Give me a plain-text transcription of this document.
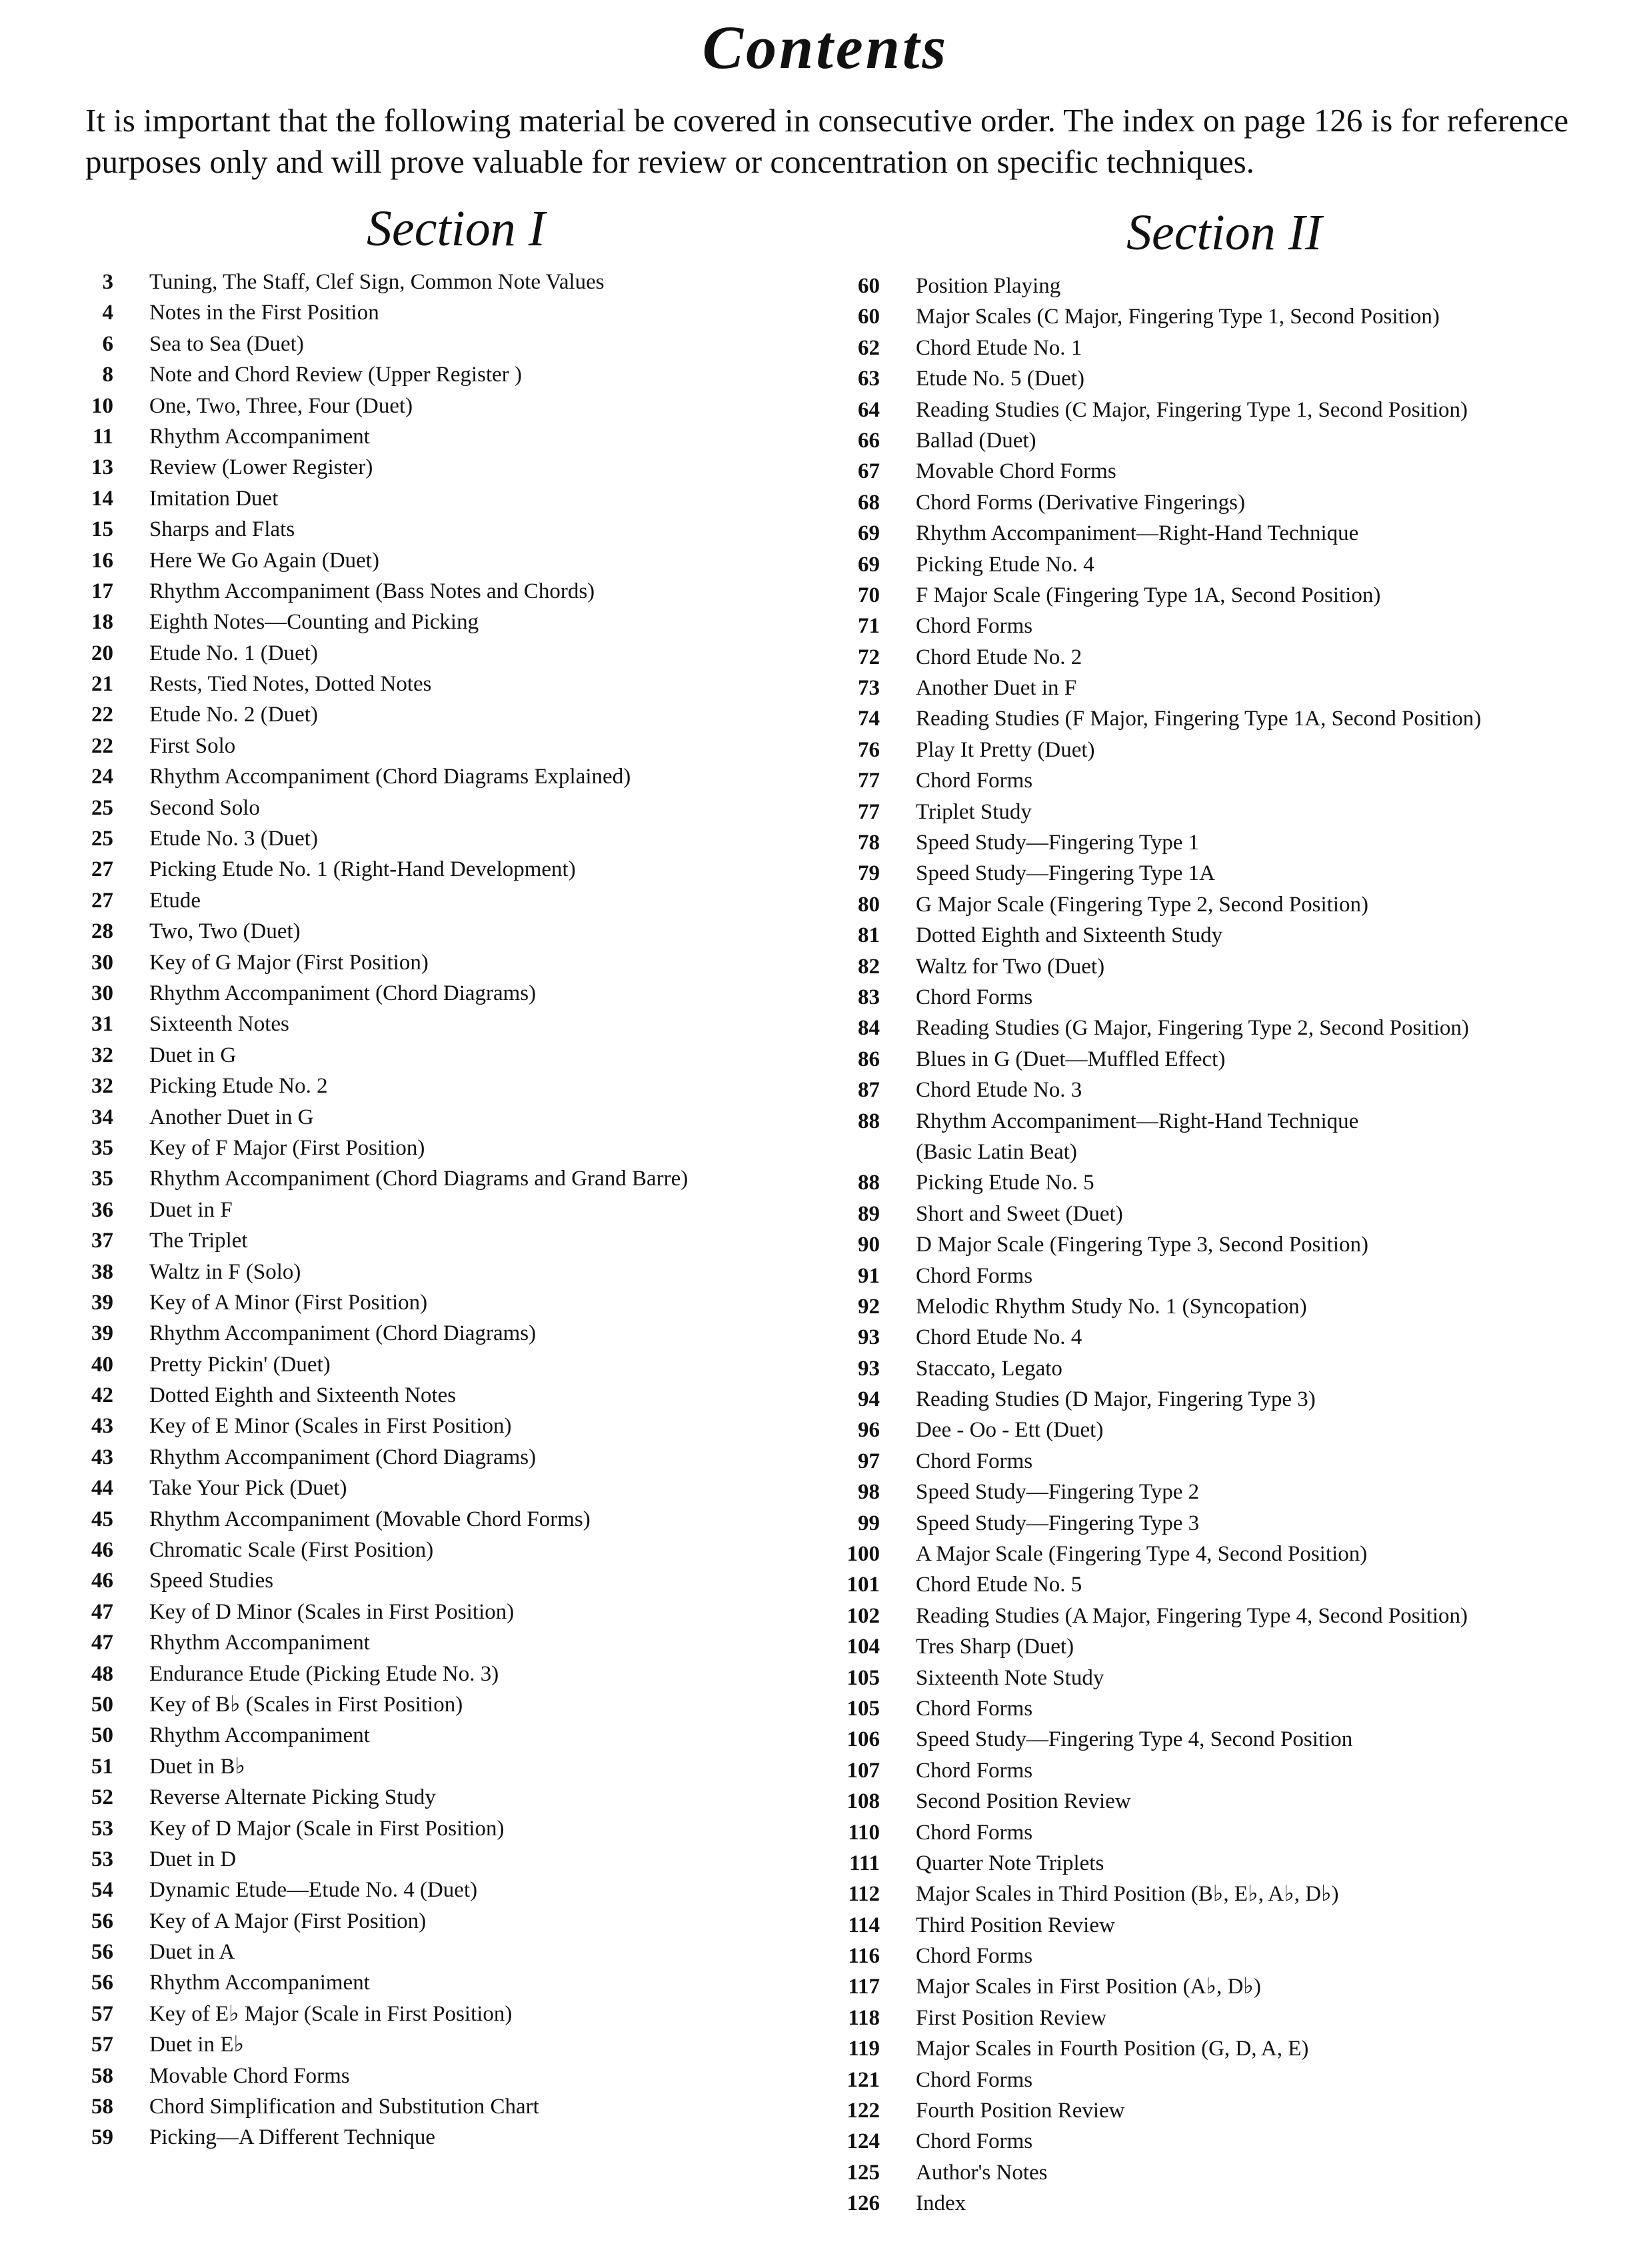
Contents

It is important that the following material be covered in consecutive order. The index on page 126 is for reference purposes only and will prove valuable for review or concentration on specific techniques.

Section I	Section II
3 Tuning, The Staff, Clef Sign, Common Note Values
4 Notes in the First Position
6 Sea to Sea (Duet)
8 Note and Chord Review (Upper Register )
10 One, Two, Three, Four (Duet)
11 Rhythm Accompaniment
13 Review (Lower Register)
14 Imitation Duet
15 Sharps and Flats
16 Here We Go Again (Duet)
17 Rhythm Accompaniment (Bass Notes and Chords)
18 Eighth Notes—Counting and Picking
20 Etude No. 1 (Duet)
21 Rests, Tied Notes, Dotted Notes
22 Etude No. 2 (Duet)
22 First Solo
24 Rhythm Accompaniment (Chord Diagrams Explained)
25 Second Solo
25 Etude No. 3 (Duet)
27 Picking Etude No. 1 (Right-Hand Development)
27 Etude
28 Two, Two (Duet)
30 Key of G Major (First Position)
30 Rhythm Accompaniment (Chord Diagrams)
31 Sixteenth Notes
32 Duet in G
32 Picking Etude No. 2
34 Another Duet in G
35 Key of F Major (First Position)
35 Rhythm Accompaniment (Chord Diagrams and Grand Barre)
36 Duet in F
37 The Triplet
38 Waltz in F (Solo)
39 Key of A Minor (First Position)
39 Rhythm Accompaniment (Chord Diagrams)
40 Pretty Pickin' (Duet)
42 Dotted Eighth and Sixteenth Notes
43 Key of E Minor (Scales in First Position)
43 Rhythm Accompaniment (Chord Diagrams)
44 Take Your Pick (Duet)
45 Rhythm Accompaniment (Movable Chord Forms)
46 Chromatic Scale (First Position)
46 Speed Studies
47 Key of D Minor (Scales in First Position)
47 Rhythm Accompaniment
48 Endurance Etude (Picking Etude No. 3)
50 Key of B♭ (Scales in First Position)
50 Rhythm Accompaniment
51 Duet in B♭
52 Reverse Alternate Picking Study
53 Key of D Major (Scale in First Position)
53 Duet in D
54 Dynamic Etude—Etude No. 4 (Duet)
56 Key of A Major (First Position)
56 Duet in A
56 Rhythm Accompaniment
57 Key of E♭ Major (Scale in First Position)
57 Duet in E♭
58 Movable Chord Forms
58 Chord Simplification and Substitution Chart
59 Picking—A Different Technique
60 Position Playing
60 Major Scales (C Major, Fingering Type 1, Second Position)
62 Chord Etude No. 1
63 Etude No. 5 (Duet)
64 Reading Studies (C Major, Fingering Type 1, Second Position)
66 Ballad (Duet)
67 Movable Chord Forms
68 Chord Forms (Derivative Fingerings)
69 Rhythm Accompaniment—Right-Hand Technique
69 Picking Etude No. 4
70 F Major Scale (Fingering Type 1A, Second Position)
71 Chord Forms
72 Chord Etude No. 2
73 Another Duet in F
74 Reading Studies (F Major, Fingering Type 1A, Second Position)
76 Play It Pretty (Duet)
77 Chord Forms
77 Triplet Study
78 Speed Study—Fingering Type 1
79 Speed Study—Fingering Type 1A
80 G Major Scale (Fingering Type 2, Second Position)
81 Dotted Eighth and Sixteenth Study
82 Waltz for Two (Duet)
83 Chord Forms
84 Reading Studies (G Major, Fingering Type 2, Second Position)
86 Blues in G (Duet—Muffled Effect)
87 Chord Etude No. 3
88 Rhythm Accompaniment—Right-Hand Technique
(Basic Latin Beat)
88 Picking Etude No. 5
89 Short and Sweet (Duet)
90 D Major Scale (Fingering Type 3, Second Position)
91 Chord Forms
92 Melodic Rhythm Study No. 1 (Syncopation)
93 Chord Etude No. 4
93 Staccato, Legato
94 Reading Studies (D Major, Fingering Type 3)
96 Dee - Oo - Ett (Duet)
97 Chord Forms
98 Speed Study—Fingering Type 2
99 Speed Study—Fingering Type 3
100 A Major Scale (Fingering Type 4, Second Position)
101 Chord Etude No. 5
102 Reading Studies (A Major, Fingering Type 4, Second Position)
104 Tres Sharp (Duet)
105 Sixteenth Note Study
105 Chord Forms
106 Speed Study—Fingering Type 4, Second Position
107 Chord Forms
108 Second Position Review
110 Chord Forms
111 Quarter Note Triplets
112 Major Scales in Third Position (B♭, E♭, A♭, D♭)
114 Third Position Review
116 Chord Forms
117 Major Scales in First Position (A♭, D♭)
118 First Position Review
119 Major Scales in Fourth Position (G, D, A, E)
121 Chord Forms
122 Fourth Position Review
124 Chord Forms
125 Author's Notes
126 Index
